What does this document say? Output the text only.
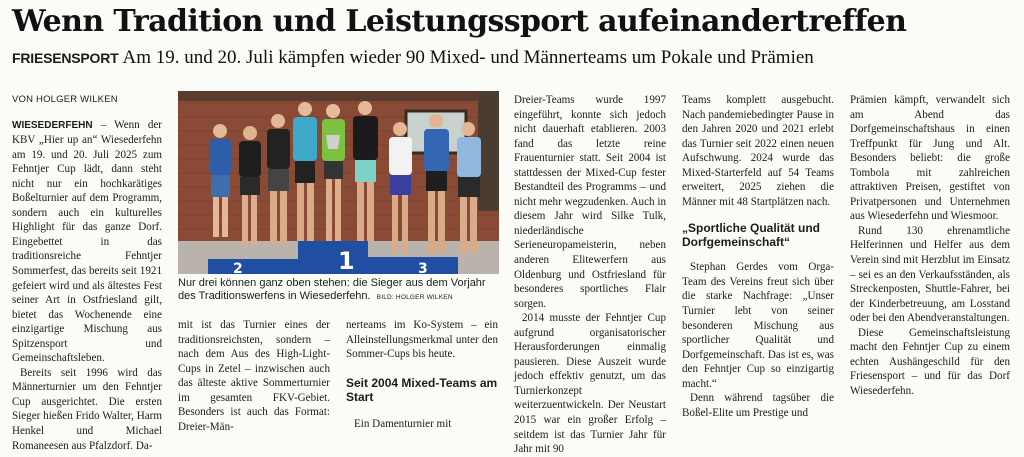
Wenn Tradition und Leistungssport aufeinandertreffen
FRIESENSPORT Am 19. und 20. Juli kämpfen wieder 90 Mixed- und Männerteams um Pokale und Prämien
VON HOLGER WILKEN

WIESEDERFEHN – Wenn der KBV „Hier up an“ Wiesederfehn am 19. und 20. Juli 2025 zum Fehntjer Cup lädt, dann steht nicht nur ein hochkarätiges Boßelturnier auf dem Programm, sondern auch ein kulturelles Highlight für das ganze Dorf. Eingebettet in das traditionsreiche Fehntjer Sommerfest, das bereits seit 1921 gefeiert wird und als ältestes Fest seiner Art in Ostfriesland gilt, bietet das Wochenende eine einzigartige Mischung aus Spitzensport und Gemeinschaftsleben.

Bereits seit 1996 wird das Männerturnier um den Fehntjer Cup ausgerichtet. Die ersten Sieger hießen Frido Walter, Harm Henkel und Michael Romaneesen aus Pfalzdorf. Da-

2	1	3
Nur drei können ganz oben stehen: die Sieger aus dem Vorjahr des Traditionswerfens in Wiesederfehn. BILD: HOLGER WILKEN

mit ist das Turnier eines der traditionsreichsten, sondern – nach dem Aus des High-Light-Cups in Zetel – inzwischen auch das älteste aktive Sommerturnier im gesamten FKV-Gebiet. Besonders ist auch das Format: Dreier-Män-

nerteams im Ko-System – ein Alleinstellungsmerkmal unter den Sommer-Cups bis heute.

Seit 2004 Mixed-Teams am Start

Ein Damenturnier mit

Dreier-Teams wurde 1997 eingeführt, konnte sich jedoch nicht dauerhaft etablieren. 2003 fand das letzte reine Frauenturnier statt. Seit 2004 ist stattdessen der Mixed-Cup fester Bestandteil des Programms – und nicht mehr wegzudenken. Auch in diesem Jahr wird Silke Tulk, niederländische Serieneuropameisterin, neben anderen Elitewerfern aus Oldenburg und Ostfriesland für besonderes sportliches Flair sorgen.

2014 musste der Fehntjer Cup aufgrund organisatorischer Herausforderungen einmalig pausieren. Diese Auszeit wurde jedoch effektiv genutzt, um das Turnierkonzept weiterzuentwickeln. Der Neustart 2015 war ein großer Erfolg – seitdem ist das Turnier Jahr für Jahr mit 90

Teams komplett ausgebucht. Nach pandemiebedingter Pause in den Jahren 2020 und 2021 erlebt das Turnier seit 2022 einen neuen Aufschwung. 2024 wurde das Mixed-Starterfeld auf 54 Teams erweitert, 2025 ziehen die Männer mit 48 Startplätzen nach.

„Sportliche Qualität und Dorfgemeinschaft“

Stephan Gerdes vom Orga-Team des Vereins freut sich über die starke Nachfrage: „Unser Turnier lebt von seiner besonderen Mischung aus sportlicher Qualität und Dorfgemeinschaft. Das ist es, was den Fehntjer Cup so einzigartig macht.“

Denn während tagsüber die Boßel-Elite um Prestige und

Prämien kämpft, verwandelt sich am Abend das Dorfgemeinschaftshaus in einen Treffpunkt für Jung und Alt. Besonders beliebt: die große Tombola mit zahlreichen attraktiven Preisen, gestiftet von Privatpersonen und Unternehmen aus Wiesederfehn und Wiesmoor.

Rund 130 ehrenamtliche Helferinnen und Helfer aus dem Verein sind mit Herzblut im Einsatz – sei es an den Verkaufsständen, als Streckenposten, Shuttle-Fahrer, bei der Kinderbetreuung, am Losstand oder bei den Abendveranstaltungen.

Diese Gemeinschaftsleistung macht den Fehntjer Cup zu einem echten Aushängeschild für den Friesensport – und für das Dorf Wiesederfehn.
